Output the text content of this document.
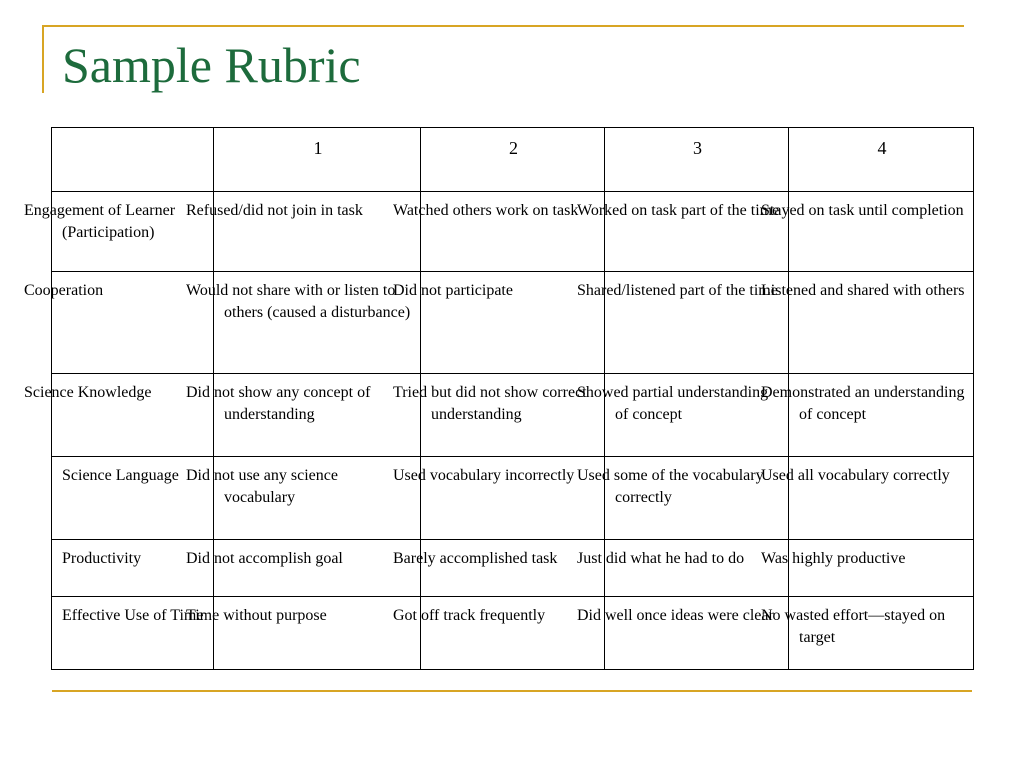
Sample Rubric
	1	2	3	4
Engagement of Learner (Participation)	Refused/did not join in task	Watched others work on task	Worked on task part of the time	Stayed on task until completion
Cooperation	Would not share with or listen to others (caused a disturbance)	Did not participate	Shared/listened part of the time	Listened and shared with others
Science Knowledge	Did not show any concept of understanding	Tried but did not show correct understanding	Showed partial understanding of concept	Demonstrated an understanding of concept
Science Language	Did not use any science vocabulary	Used vocabulary incorrectly	Used some of the vocabulary correctly	Used all vocabulary correctly
Productivity	Did not accomplish goal	Barely accomplished task	Just did what he had to do	Was highly productive
Effective Use of Time	Time without purpose	Got off track frequently	Did well once ideas were clear	No wasted effort—stayed on target
